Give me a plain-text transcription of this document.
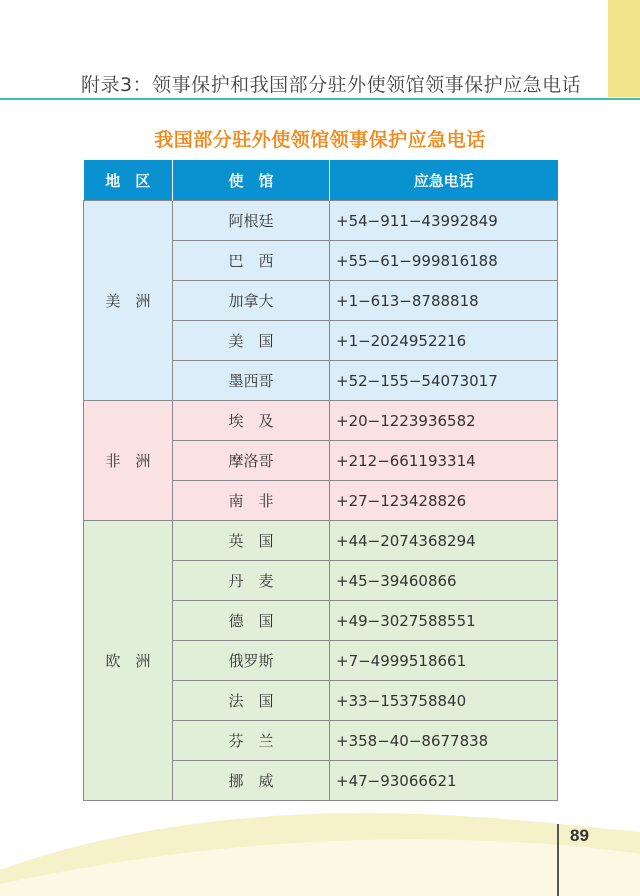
附录3：领事保护和我国部分驻外使领馆领事保护应急电话
我国部分驻外使领馆领事保护应急电话
地　区	使　馆	应急电话
美　洲	阿根廷	+54−911−43992849
	巴　西	+55−61−999816188
	加拿大	+1−613−8788818
	美　国	+1−2024952216
	墨西哥	+52−155−54073017
非　洲	埃　及	+20−1223936582
	摩洛哥	+212−661193314
	南　非	+27−123428826
欧　洲	英　国	+44−2074368294
	丹　麦	+45−39460866
	德　国	+49−3027588551
	俄罗斯	+7−4999518661
	法　国	+33−153758840
	芬　兰	+358−40−8677838
	挪　威	+47−93066621
89
